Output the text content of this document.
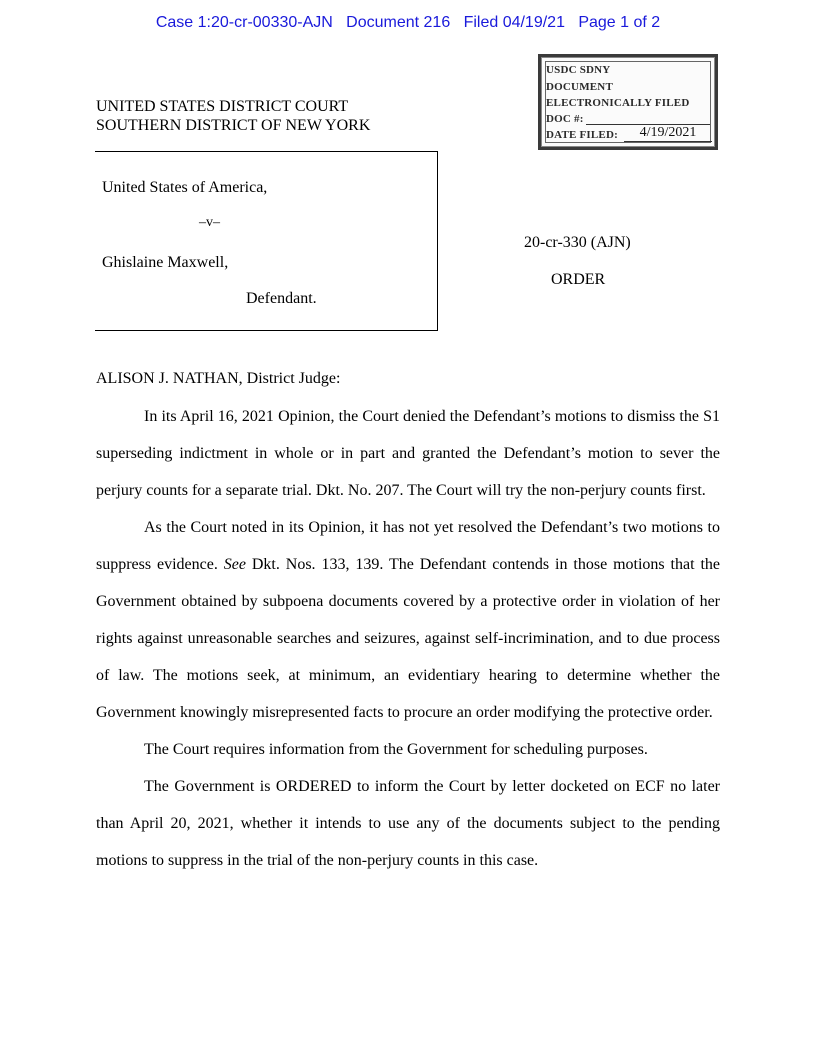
Case 1:20-cr-00330-AJN Document 216 Filed 04/19/21 Page 1 of 2
USDC SDNY
DOCUMENT
ELECTRONICALLY FILED
DOC #:
DATE FILED:	4/19/2021
UNITED STATES DISTRICT COURT
SOUTHERN DISTRICT OF NEW YORK
United States of America,
–v–
Ghislaine Maxwell,
Defendant.
20-cr-330 (AJN)
ORDER
ALISON J. NATHAN, District Judge:

In its April 16, 2021 Opinion, the Court denied the Defendant’s motions to dismiss the S1 superseding indictment in whole or in part and granted the Defendant’s motion to sever the perjury counts for a separate trial. Dkt. No. 207. The Court will try the non-perjury counts first.

As the Court noted in its Opinion, it has not yet resolved the Defendant’s two motions to suppress evidence. See Dkt. Nos. 133, 139. The Defendant contends in those motions that the Government obtained by subpoena documents covered by a protective order in violation of her rights against unreasonable searches and seizures, against self-incrimination, and to due process of law. The motions seek, at minimum, an evidentiary hearing to determine whether the Government knowingly misrepresented facts to procure an order modifying the protective order.

The Court requires information from the Government for scheduling purposes.

The Government is ORDERED to inform the Court by letter docketed on ECF no later than April 20, 2021, whether it intends to use any of the documents subject to the pending motions to suppress in the trial of the non-perjury counts in this case.
